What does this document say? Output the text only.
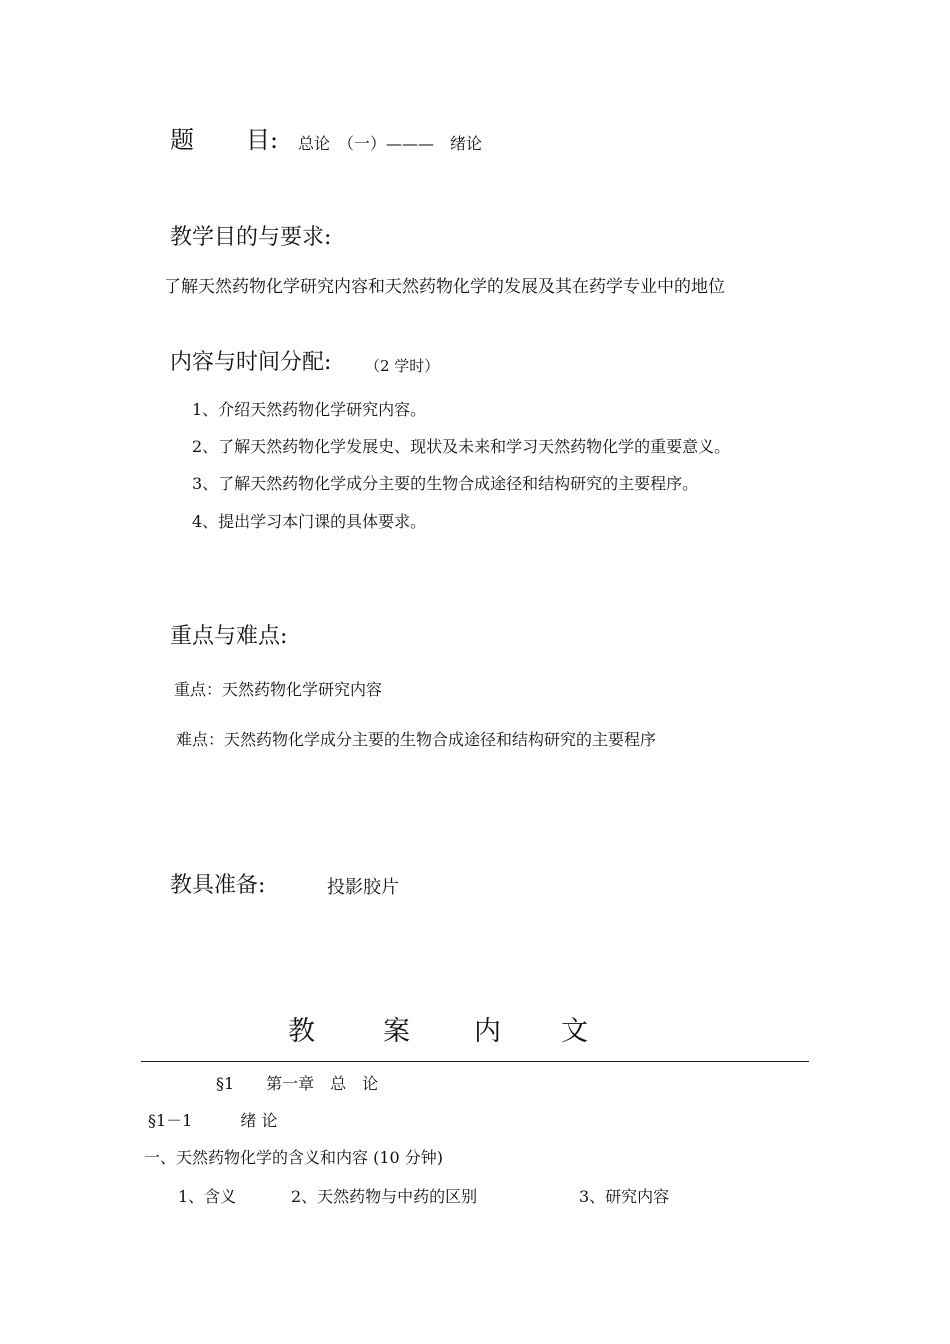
题 目: 总论　（一）———　绪论
教学目的与要求:
了解天然药物化学研究内容和天然药物化学的发展及其在药学专业中的地位
内容与时间分配: （2 学时）
1、介绍天然药物化学研究内容。
2、了解天然药物化学发展史、现状及未来和学习天然药物化学的重要意义。
3、了解天然药物化学成分主要的生物合成途径和结构研究的主要程序。
4、提出学习本门课的具体要求。
重点与难点:
重点：天然药物化学研究内容
难点：天然药物化学成分主要的生物合成途径和结构研究的主要程序
教具准备:	投影胶片
教	案 内 文
§1　　第一章　总　论
§1－1　　　绪 论
一、天然药物化学的含义和内容 (10 分钟)
1、含义	2、天然药物与中药的区别	3、研究内容
